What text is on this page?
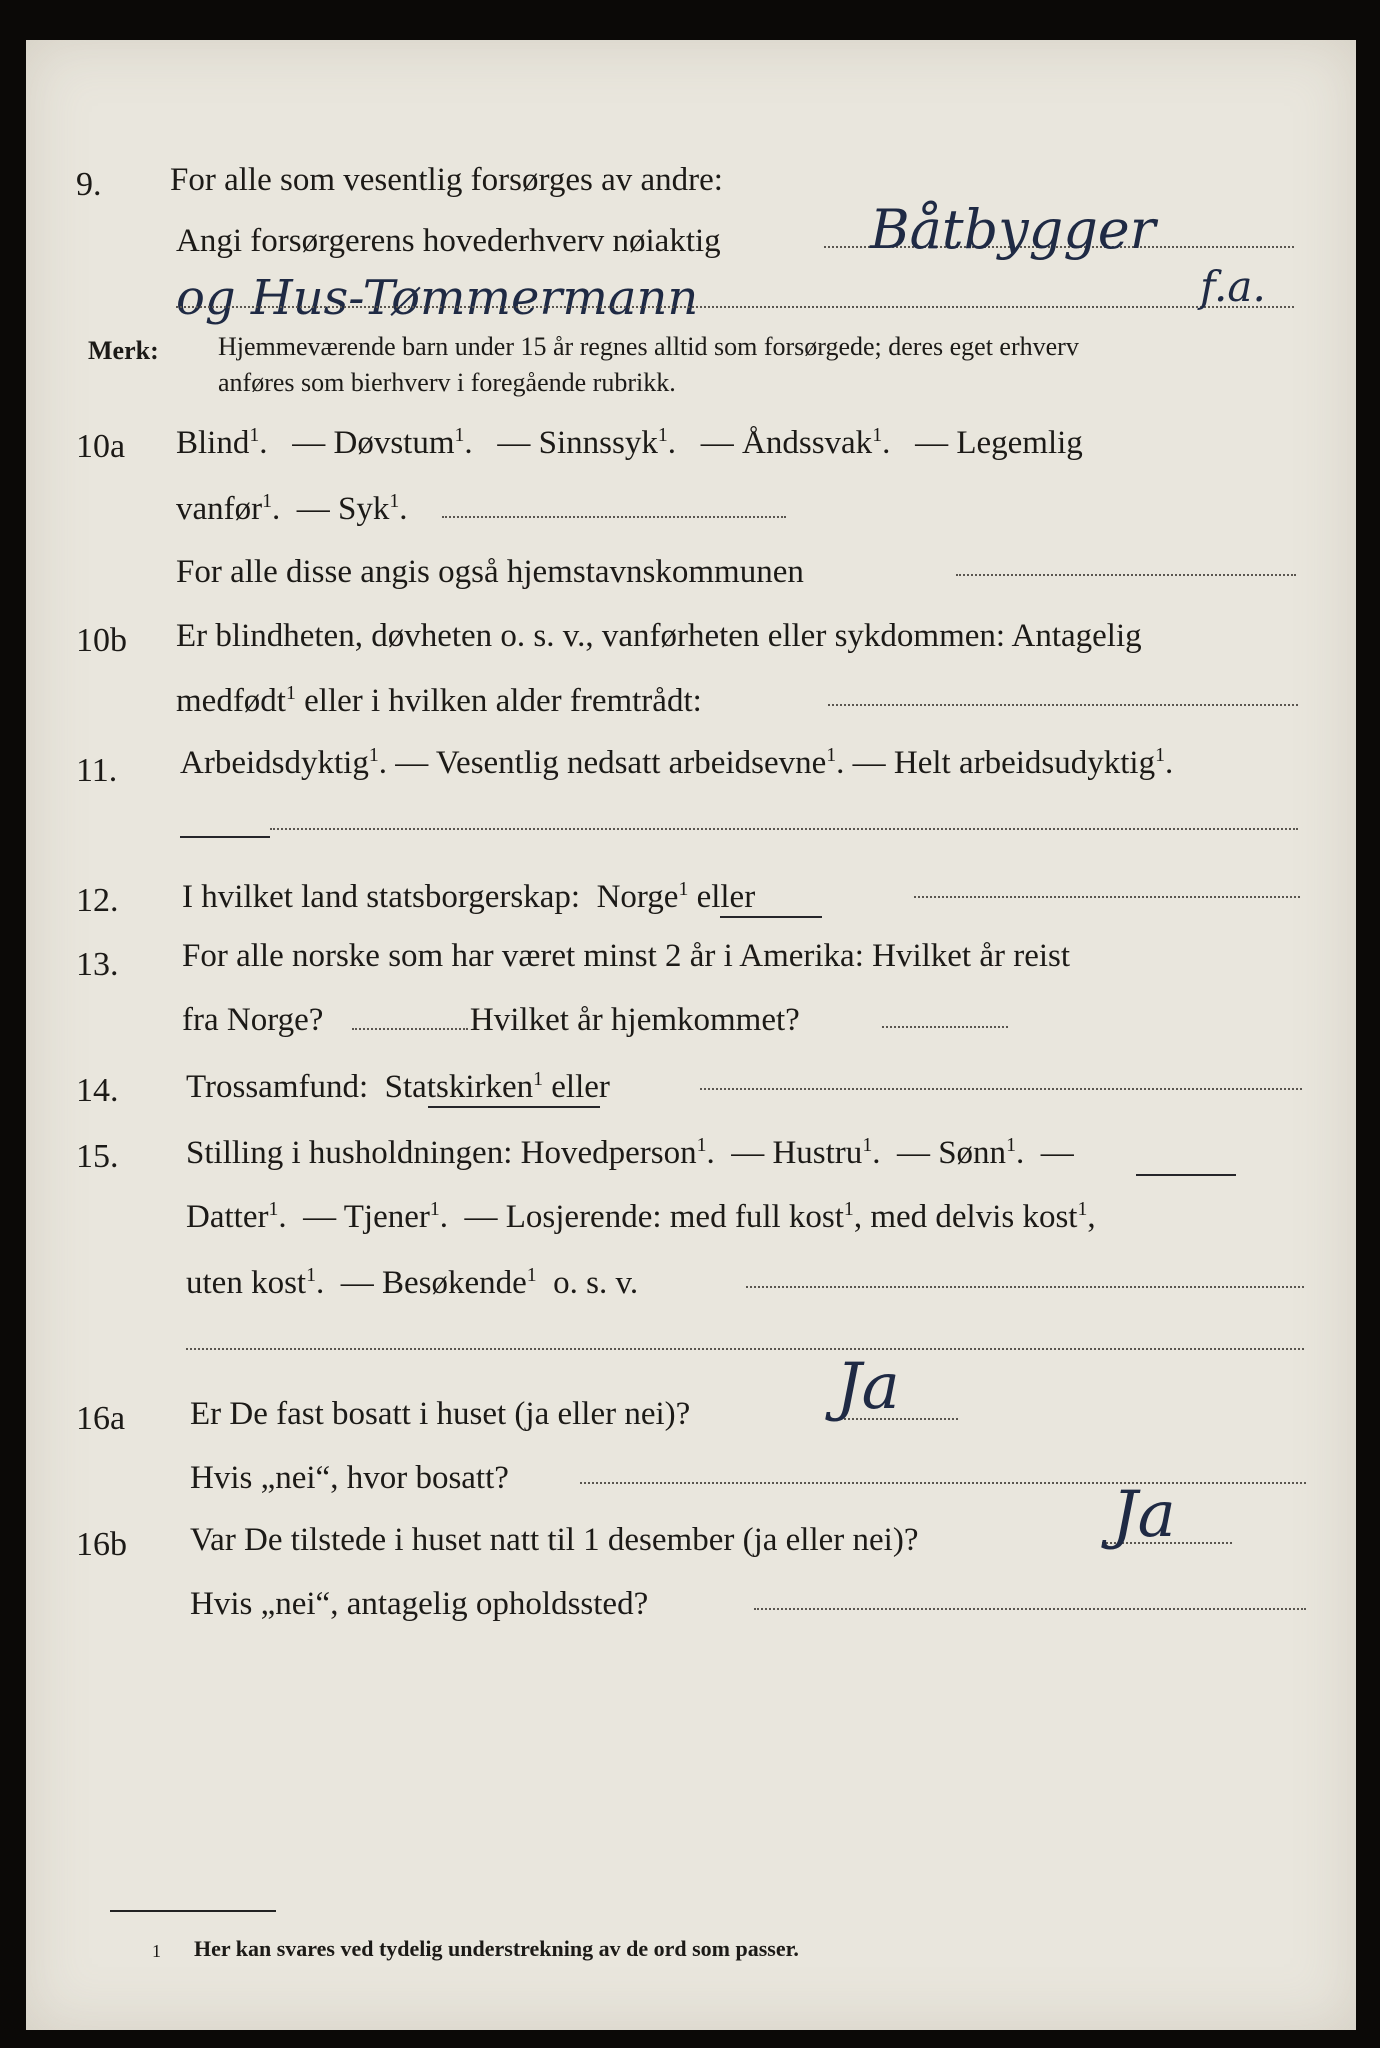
9. For alle som vesentlig forsørges av andre:
Angi forsørgerens hovederhverv nøiaktig	Båtbygger
og Hus-Tømmermann	f.a.
Merk: Hjemmeværende barn under 15 år regnes alltid som forsørgede; deres eget erhverv
anføres som bierhverv i foregående rubrikk.
10a Blind$^1$. — Døvstum$^1$. — Sinnssyk$^1$. — Åndssvak$^1$. — Legemlig
vanfør$^1$. — Syk$^1$.
For alle disse angis også hjemstavnskommunen
10b Er blindheten, døvheten o. s. v., vanførheten eller sykdommen: Antagelig
medfødt$^1$ eller i hvilken alder fremtrådt:
11. Arbeidsdyktig$^1$. — Vesentlig nedsatt arbeidsevne$^1$. — Helt arbeidsudyktig$^1$.
12. I hvilket land statsborgerskap: Norge$^1$ eller
13. For alle norske som har været minst 2 år i Amerika: Hvilket år reist
fra Norge?	Hvilket år hjemkommet?
14. Trossamfund: Statskirken$^1$ eller
15. Stilling i husholdningen: Hovedperson$^1$. — Hustru$^1$. — Sønn$^1$. —
Datter$^1$. — Tjener$^1$. — Losjerende: med full kost$^1$, med delvis kost$^1$,
uten kost$^1$. — Besøkende$^1$ o. s. v.
16a Er De fast bosatt i huset (ja eller nei)? Ja
Hvis „nei“, hvor bosatt?
16b Var De tilstede i huset natt til 1 desember (ja eller nei)?	Ja
Hvis „nei“, antagelig opholdssted?
1 Her kan svares ved tydelig understrekning av de ord som passer.
